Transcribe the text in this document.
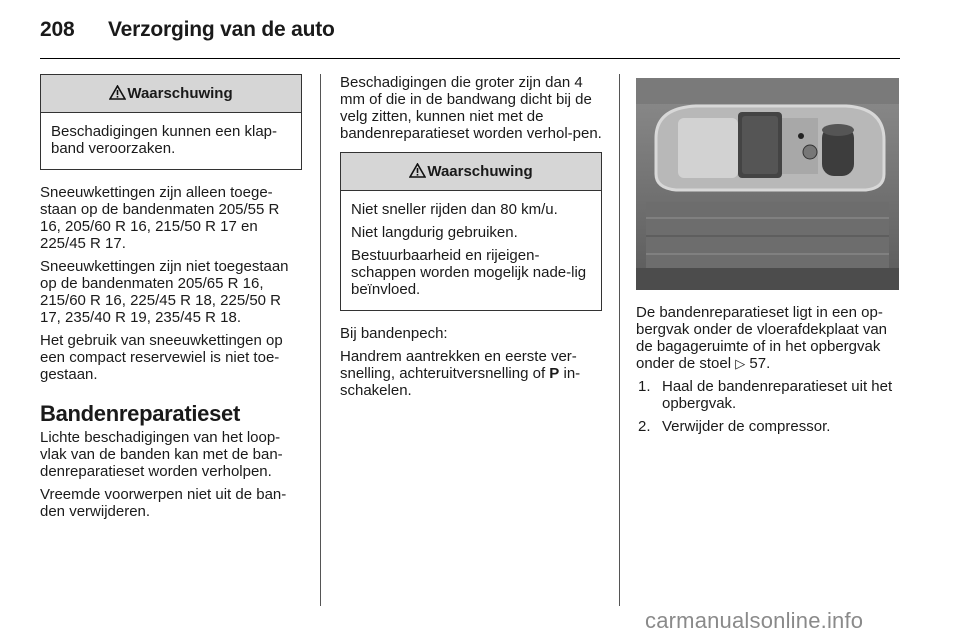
208 Verzorging van de auto
Waarschuwing

Beschadigingen kunnen een klap-band veroorzaken.

Sneeuwkettingen zijn alleen toege-staan op de bandenmaten 205/55 R 16, 205/60 R 16, 215/50 R 17 en 225/45 R 17.

Sneeuwkettingen zijn niet toegestaan op de bandenmaten 205/65 R 16, 215/60 R 16, 225/45 R 18, 225/50 R 17, 235/40 R 19, 235/45 R 18.

Het gebruik van sneeuwkettingen op een compact reservewiel is niet toe-gestaan.

Bandenreparatieset

Lichte beschadigingen van het loop-vlak van de banden kan met de ban-denreparatieset worden verholpen.

Vreemde voorwerpen niet uit de ban-den verwijderen.

Beschadigingen die groter zijn dan 4 mm of die in de bandwang dicht bij de velg zitten, kunnen niet met de bandenreparatieset worden verhol-pen.

Waarschuwing

Niet sneller rijden dan 80 km/u.

Niet langdurig gebruiken.

Bestuurbaarheid en rijeigen-schappen worden mogelijk nade-lig beïnvloed.

Bij bandenpech:

Handrem aantrekken en eerste ver-snelling, achteruitversnelling of P in-schakelen.

De bandenreparatieset ligt in een op-bergvak onder de vloerafdekplaat van de bagageruimte of in het opbergvak onder de stoel ▷ 57.

1. Haal de bandenreparatieset uit het opbergvak.
2. Verwijder de compressor.
carmanualsonline.info
